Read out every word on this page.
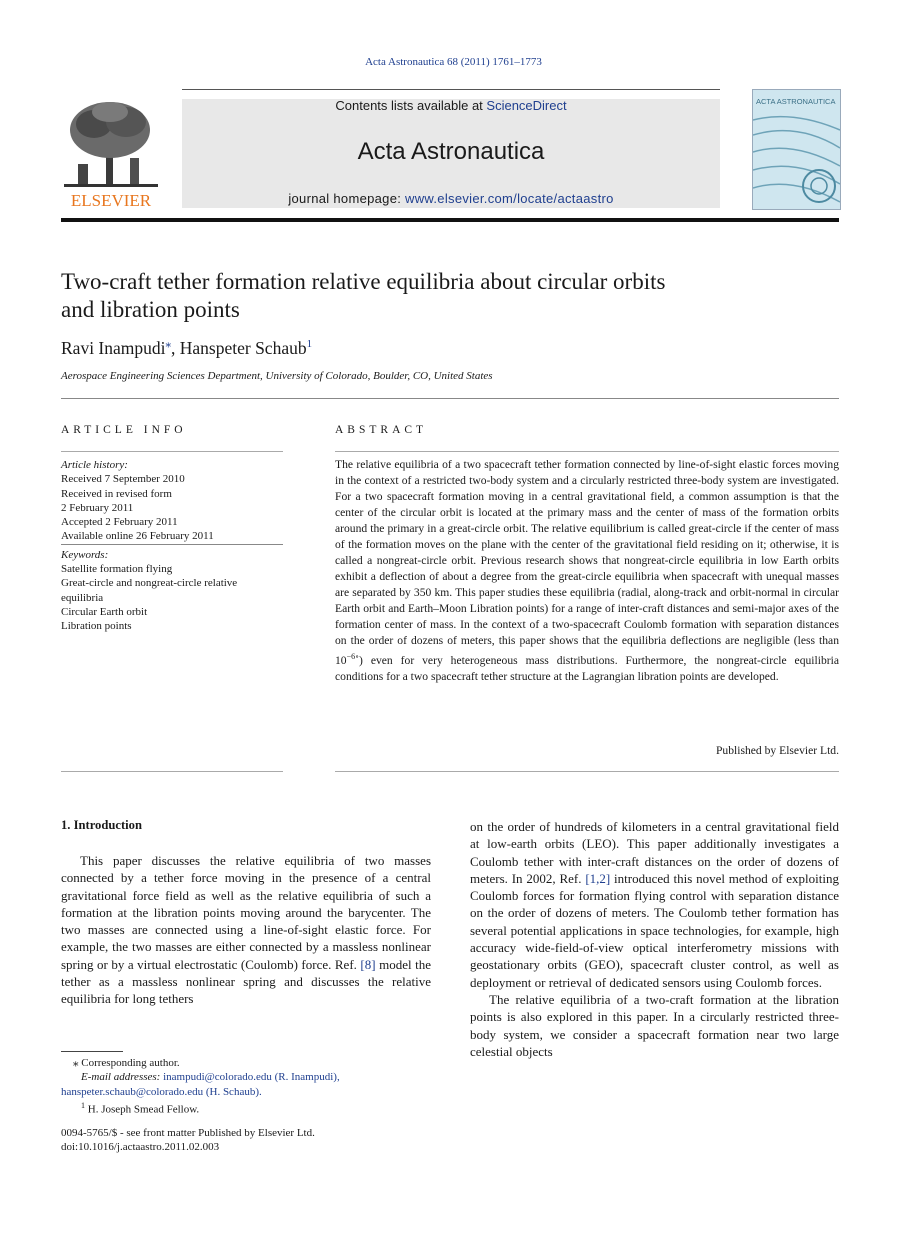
Acta Astronautica 68 (2011) 1761–1773
ELSEVIER
Contents lists available at ScienceDirect
Acta Astronautica
journal homepage: www.elsevier.com/locate/actaastro
ACTA ASTRONAUTICA
Two-craft tether formation relative equilibria about circular orbits
and libration points
Ravi Inampudi⁎, Hanspeter Schaub$^1$
Aerospace Engineering Sciences Department, University of Colorado, Boulder, CO, United States
ARTICLE INFO
Article history:
Received 7 September 2010
Received in revised form
2 February 2011
Accepted 2 February 2011
Available online 26 February 2011
Keywords:
Satellite formation flying
Great-circle and nongreat-circle relative
equilibria
Circular Earth orbit
Libration points
ABSTRACT
The relative equilibria of a two spacecraft tether formation connected by line-of-sight elastic forces moving in the context of a restricted two-body system and a circularly restricted three-body system are investigated. For a two spacecraft formation moving in a central gravitational field, a common assumption is that the center of the circular orbit is located at the primary mass and the center of mass of the formation orbits around the primary in a great-circle orbit. The relative equilibrium is called great-circle if the center of mass of the formation moves on the plane with the center of the gravitational field residing on it; otherwise, it is called a nongreat-circle orbit. Previous research shows that nongreat-circle equilibria in low Earth orbits exhibit a deflection of about a degree from the great-circle equilibria when spacecraft with unequal masses are separated by 350 km. This paper studies these equilibria (radial, along-track and orbit-normal in circular Earth orbit and Earth–Moon Libration points) for a range of inter-craft distances and semi-major axes of the formation center of mass. In the context of a two-spacecraft Coulomb formation with separation distances on the order of dozens of meters, this paper shows that the equilibria deflections are negligible (less than $10^{-6\circ}$) even for very heterogeneous mass distributions. Furthermore, the nongreat-circle equilibria conditions for a two spacecraft tether structure at the Lagrangian libration points are developed.
Published by Elsevier Ltd.
1. Introduction

This paper discusses the relative equilibria of two masses connected by a tether force moving in the presence of a central gravitational force field as well as the relative equilibria of such a formation at the libration points moving around the barycenter. The two masses are connected using a line-of-sight elastic force. For example, the two masses are either connected by a massless nonlinear spring or by a virtual electrostatic (Coulomb) force. Ref. [8] model the tether as a massless nonlinear spring and discusses the relative equilibria for long tethers

on the order of hundreds of kilometers in a central gravitational field at low-earth orbits (LEO). This paper additionally investigates a Coulomb tether with inter-craft distances on the order of dozens of meters. In 2002, Ref. [1,2] introduced this novel method of exploiting Coulomb forces for formation flying control with separation distance on the order of dozens of meters. The Coulomb tether formation has several potential applications in space technologies, for example, high accuracy wide-field-of-view optical interferometry missions with geostationary orbits (GEO), spacecraft cluster control, as well as deployment or retrieval of dedicated sensors using Coulomb forces.

The relative equilibria of a two-craft formation at the libration points is also explored in this paper. In a circularly restricted three-body system, we consider a spacecraft formation near two large celestial objects

⁎ Corresponding author.
E-mail addresses: inampudi@colorado.edu (R. Inampudi),
hanspeter.schaub@colorado.edu (H. Schaub).
$^1$ H. Joseph Smead Fellow.
0094-5765/$ - see front matter Published by Elsevier Ltd.
doi:10.1016/j.actaastro.2011.02.003
